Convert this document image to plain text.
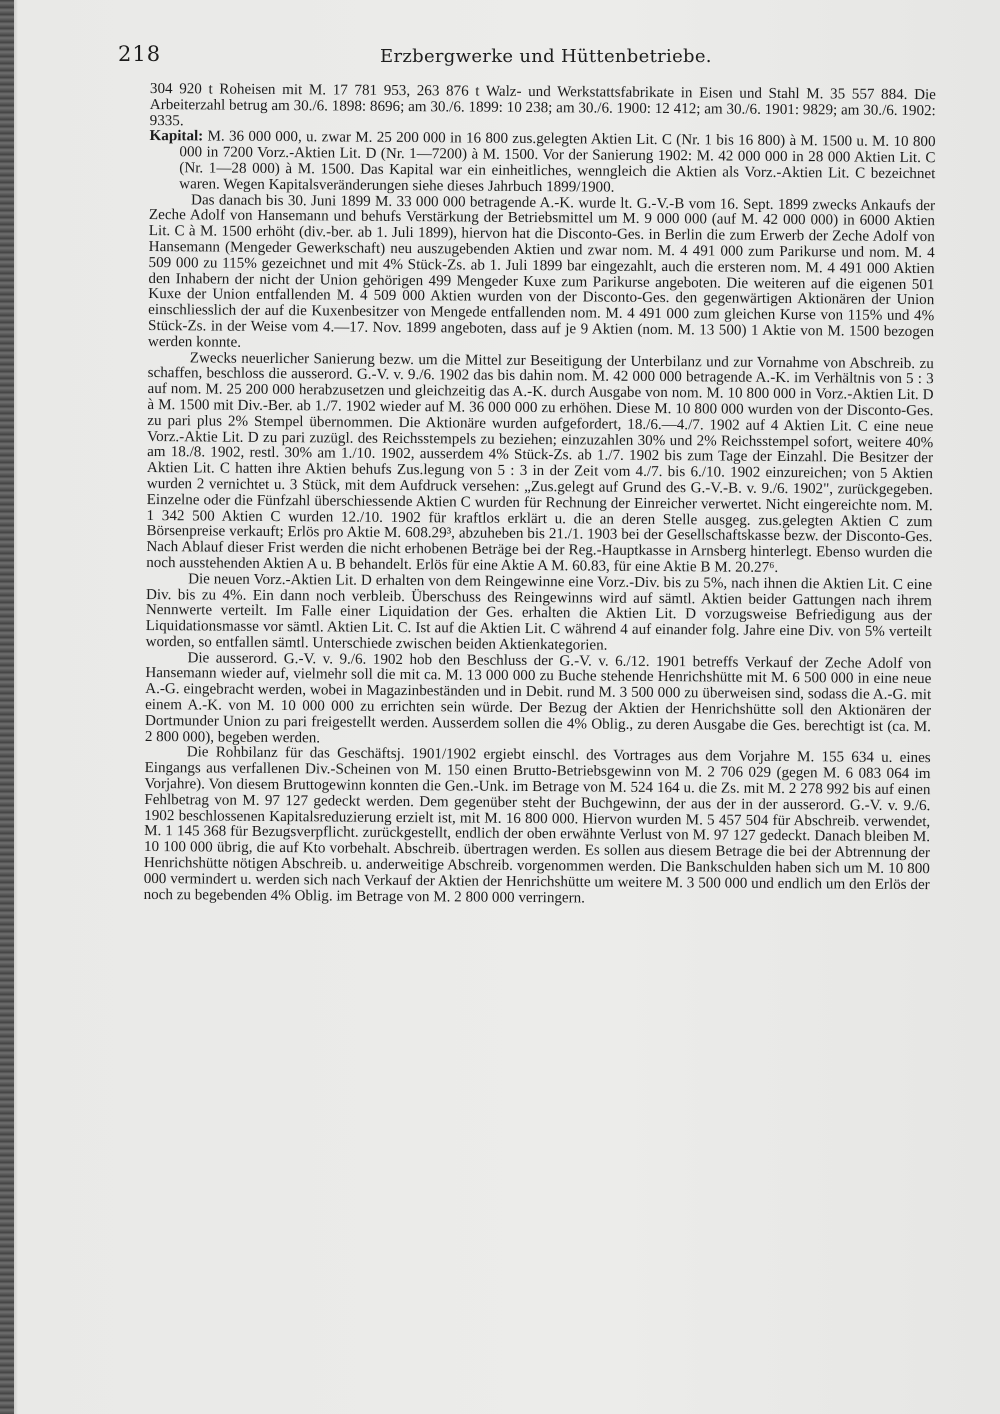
218	Erzbergwerke und Hüttenbetriebe.

304 920 t Roheisen mit M. 17 781 953, 263 876 t Walz- und Werkstattsfabrikate in Eisen und Stahl M. 35 557 884. Die Arbeiterzahl betrug am 30./6. 1898: 8696; am 30./6. 1899: 10 238; am 30./6. 1900: 12 412; am 30./6. 1901: 9829; am 30./6. 1902: 9335.

Kapital: M. 36 000 000, u. zwar M. 25 200 000 in 16 800 zus.gelegten Aktien Lit. C (Nr. 1 bis 16 800) à M. 1500 u. M. 10 800 000 in 7200 Vorz.-Aktien Lit. D (Nr. 1—7200) à M. 1500. Vor der Sanierung 1902: M. 42 000 000 in 28 000 Aktien Lit. C (Nr. 1—28 000) à M. 1500. Das Kapital war ein einheitliches, wenngleich die Aktien als Vorz.-Aktien Lit. C bezeichnet waren. Wegen Kapitalsveränderungen siehe dieses Jahrbuch 1899/1900.

Das danach bis 30. Juni 1899 M. 33 000 000 betragende A.-K. wurde lt. G.-V.-B vom 16. Sept. 1899 zwecks Ankaufs der Zeche Adolf von Hansemann und behufs Verstärkung der Betriebsmittel um M. 9 000 000 (auf M. 42 000 000) in 6000 Aktien Lit. C à M. 1500 erhöht (div.-ber. ab 1. Juli 1899), hiervon hat die Disconto-Ges. in Berlin die zum Erwerb der Zeche Adolf von Hansemann (Mengeder Gewerkschaft) neu auszugebenden Aktien und zwar nom. M. 4 491 000 zum Parikurse und nom. M. 4 509 000 zu 115% gezeichnet und mit 4% Stück-Zs. ab 1. Juli 1899 bar eingezahlt, auch die ersteren nom. M. 4 491 000 Aktien den Inhabern der nicht der Union gehörigen 499 Mengeder Kuxe zum Parikurse angeboten. Die weiteren auf die eigenen 501 Kuxe der Union entfallenden M. 4 509 000 Aktien wurden von der Disconto-Ges. den gegenwärtigen Aktionären der Union einschliesslich der auf die Kuxenbesitzer von Mengede entfallenden nom. M. 4 491 000 zum gleichen Kurse von 115% und 4% Stück-Zs. in der Weise vom 4.—17. Nov. 1899 angeboten, dass auf je 9 Aktien (nom. M. 13 500) 1 Aktie von M. 1500 bezogen werden konnte.

Zwecks neuerlicher Sanierung bezw. um die Mittel zur Beseitigung der Unterbilanz und zur Vornahme von Abschreib. zu schaffen, beschloss die ausserord. G.-V. v. 9./6. 1902 das bis dahin nom. M. 42 000 000 betragende A.-K. im Verhältnis von 5 : 3 auf nom. M. 25 200 000 herabzusetzen und gleichzeitig das A.-K. durch Ausgabe von nom. M. 10 800 000 in Vorz.-Aktien Lit. D à M. 1500 mit Div.-Ber. ab 1./7. 1902 wieder auf M. 36 000 000 zu erhöhen. Diese M. 10 800 000 wurden von der Disconto-Ges. zu pari plus 2% Stempel übernommen. Die Aktionäre wurden aufgefordert, 18./6.—4./7. 1902 auf 4 Aktien Lit. C eine neue Vorz.-Aktie Lit. D zu pari zuzügl. des Reichsstempels zu beziehen; einzuzahlen 30% und 2% Reichsstempel sofort, weitere 40% am 18./8. 1902, restl. 30% am 1./10. 1902, ausserdem 4% Stück-Zs. ab 1./7. 1902 bis zum Tage der Einzahl. Die Besitzer der Aktien Lit. C hatten ihre Aktien behufs Zus.legung von 5 : 3 in der Zeit vom 4./7. bis 6./10. 1902 einzureichen; von 5 Aktien wurden 2 vernichtet u. 3 Stück, mit dem Aufdruck versehen: „Zus.gelegt auf Grund des G.-V.-B. v. 9./6. 1902", zurückgegeben. Einzelne oder die Fünfzahl überschiessende Aktien C wurden für Rechnung der Einreicher verwertet. Nicht eingereichte nom. M. 1 342 500 Aktien C wurden 12./10. 1902 für kraftlos erklärt u. die an deren Stelle ausgeg. zus.gelegten Aktien C zum Börsenpreise verkauft; Erlös pro Aktie M. 608.29³, abzuheben bis 21./1. 1903 bei der Gesellschaftskasse bezw. der Disconto-Ges. Nach Ablauf dieser Frist werden die nicht erhobenen Beträge bei der Reg.-Hauptkasse in Arnsberg hinterlegt. Ebenso wurden die noch ausstehenden Aktien A u. B behandelt. Erlös für eine Aktie A M. 60.83, für eine Aktie B M. 20.27⁶.

Die neuen Vorz.-Aktien Lit. D erhalten von dem Reingewinne eine Vorz.-Div. bis zu 5%, nach ihnen die Aktien Lit. C eine Div. bis zu 4%. Ein dann noch verbleib. Überschuss des Reingewinns wird auf sämtl. Aktien beider Gattungen nach ihrem Nennwerte verteilt. Im Falle einer Liquidation der Ges. erhalten die Aktien Lit. D vorzugsweise Befriedigung aus der Liquidationsmasse vor sämtl. Aktien Lit. C. Ist auf die Aktien Lit. C während 4 auf einander folg. Jahre eine Div. von 5% verteilt worden, so entfallen sämtl. Unterschiede zwischen beiden Aktienkategorien.

Die ausserord. G.-V. v. 9./6. 1902 hob den Beschluss der G.-V. v. 6./12. 1901 betreffs Verkauf der Zeche Adolf von Hansemann wieder auf, vielmehr soll die mit ca. M. 13 000 000 zu Buche stehende Henrichshütte mit M. 6 500 000 in eine neue A.-G. eingebracht werden, wobei in Magazinbeständen und in Debit. rund M. 3 500 000 zu überweisen sind, sodass die A.-G. mit einem A.-K. von M. 10 000 000 zu errichten sein würde. Der Bezug der Aktien der Henrichshütte soll den Aktionären der Dortmunder Union zu pari freigestellt werden. Ausserdem sollen die 4% Oblig., zu deren Ausgabe die Ges. berechtigt ist (ca. M. 2 800 000), begeben werden.

Die Rohbilanz für das Geschäftsj. 1901/1902 ergiebt einschl. des Vortrages aus dem Vorjahre M. 155 634 u. eines Eingangs aus verfallenen Div.-Scheinen von M. 150 einen Brutto-Betriebsgewinn von M. 2 706 029 (gegen M. 6 083 064 im Vorjahre). Von diesem Bruttogewinn konnten die Gen.-Unk. im Betrage von M. 524 164 u. die Zs. mit M. 2 278 992 bis auf einen Fehlbetrag von M. 97 127 gedeckt werden. Dem gegenüber steht der Buchgewinn, der aus der in der ausserord. G.-V. v. 9./6. 1902 beschlossenen Kapitalsreduzierung erzielt ist, mit M. 16 800 000. Hiervon wurden M. 5 457 504 für Abschreib. verwendet, M. 1 145 368 für Bezugsverpflicht. zurückgestellt, endlich der oben erwähnte Verlust von M. 97 127 gedeckt. Danach bleiben M. 10 100 000 übrig, die auf Kto vorbehalt. Abschreib. übertragen werden. Es sollen aus diesem Betrage die bei der Abtrennung der Henrichshütte nötigen Abschreib. u. anderweitige Abschreib. vorgenommen werden. Die Bankschulden haben sich um M. 10 800 000 vermindert u. werden sich nach Verkauf der Aktien der Henrichshütte um weitere M. 3 500 000 und endlich um den Erlös der noch zu begebenden 4% Oblig. im Betrage von M. 2 800 000 verringern.
